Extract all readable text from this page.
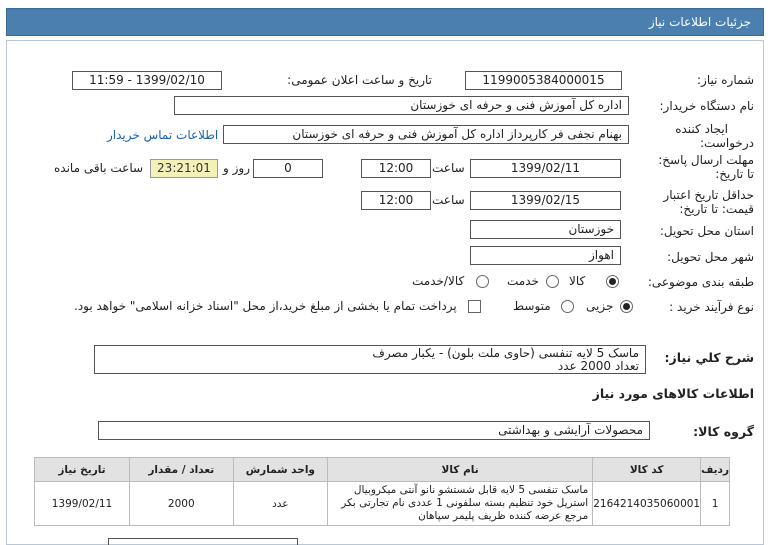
جزئیات اطلاعات نیاز
شماره نیاز:
1199005384000015
تاریخ و ساعت اعلان عمومی:
1399/02/10 - 11:59
نام دستگاه خریدار:
اداره کل آموزش فنی و حرفه ای خوزستان
ایجاد کننده
درخواست:
بهنام نجفی فر کارپرداز اداره کل آموزش فنی و حرفه ای خوزستان
اطلاعات تماس خریدار
مهلت ارسال پاسخ:
تا تاریخ:
1399/02/11
ساعت
12:00
0
روز و
23:21:01
ساعت باقی مانده
حداقل تاریخ اعتبار
قیمت: تا تاریخ:
1399/02/15
ساعت
12:00
استان محل تحویل:
خوزستان
شهر محل تحویل:
اهواز
طبقه بندی موضوعی:
کالا
خدمت
کالا/خدمت
نوع فرآیند خرید :
جزیی
متوسط
پرداخت تمام یا بخشی از مبلغ خرید،از محل "اسناد خزانه اسلامی" خواهد بود.
شرح کلي نياز:
ماسک 5 لایه تنفسی (حاوی ملت بلون) - یکبار مصرف
تعداد 2000 عدد
اطلاعات کالاهای مورد نیاز
گروه کالا:
محصولات آرایشی و بهداشتی
ردیف	کد کالا	نام کالا	واحد شمارش	تعداد / مقدار	تاریخ نیاز
1	2164214035060001	ماسک تنفسی 5 لایه قابل شستشو نانو آنتی میکروبیال استریل خود تنظیم بسته سلفونی 1 عددی نام تجارتی بکر مرجع عرضه کننده ظریف پلیمر سپاهان	عدد	2000	1399/02/11
